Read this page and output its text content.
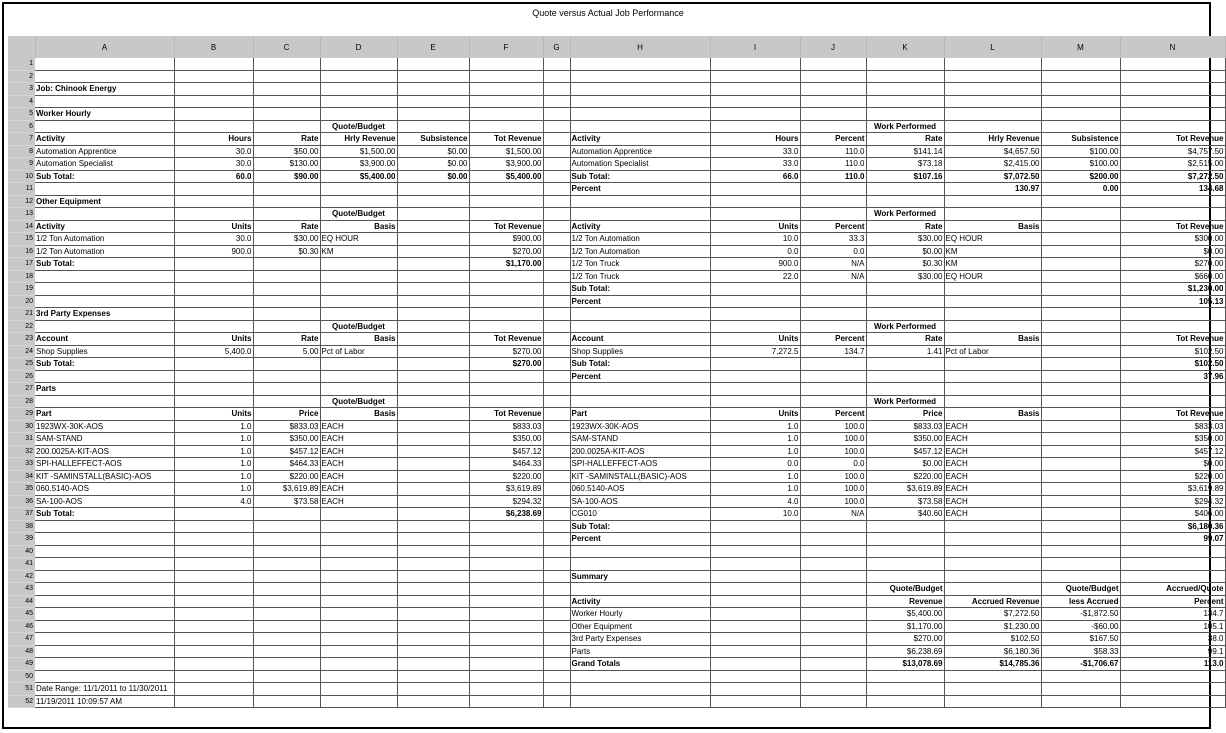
Quote versus Actual Job Performance
	A	B	C	D	E	F	G	H	I	J	K	L	M	N
1														
2														
3	Job: Chinook Energy													
4														
5	Worker Hourly													
6				Quote/Budget							Work Performed			
7	Activity	Hours	Rate	Hrly Revenue	Subsistence	Tot Revenue		Activity	Hours	Percent	Rate	Hrly Revenue	Subsistence	Tot Revenue
8	Automation Apprentice	30.0	$50.00	$1,500.00	$0.00	$1,500.00		Automation Apprentice	33.0	110.0	$141.14	$4,657.50	$100.00	$4,757.50
9	Automation Specialist	30.0	$130.00	$3,900.00	$0.00	$3,900.00		Automation Specialist	33.0	110.0	$73.18	$2,415.00	$100.00	$2,515.00
10	Sub Total:	60.0	$90.00	$5,400.00	$0.00	$5,400.00		Sub Total:	66.0	110.0	$107.16	$7,072.50	$200.00	$7,272.50
11								Percent				130.97	0.00	134.68
12	Other Equipment													
13				Quote/Budget							Work Performed			
14	Activity	Units	Rate	Basis		Tot Revenue		Activity	Units	Percent	Rate	Basis		Tot Revenue
15	1/2 Ton Automation	30.0	$30.00	EQ HOUR		$900.00		1/2 Ton Automation	10.0	33.3	$30.00	EQ HOUR		$300.00
16	1/2 Ton Automation	900.0	$0.30	KM		$270.00		1/2 Ton Automation	0.0	0.0	$0.00	KM		$0.00
17	Sub Total:					$1,170.00		1/2 Ton Truck	900.0	N/A	$0.30	KM		$270.00
18								1/2 Ton Truck	22.0	N/A	$30.00	EQ HOUR		$660.00
19								Sub Total:						$1,230.00
20								Percent						105.13
21	3rd Party Expenses													
22				Quote/Budget							Work Performed			
23	Account	Units	Rate	Basis		Tot Revenue		Account	Units	Percent	Rate	Basis		Tot Revenue
24	Shop Supplies	5,400.0	5.00	Pct of Labor		$270.00		Shop Supplies	7,272.5	134.7	1.41	Pct of Labor		$102.50
25	Sub Total:					$270.00		Sub Total:						$102.50
26								Percent						37.96
27	Parts													
28				Quote/Budget							Work Performed			
29	Part	Units	Price	Basis		Tot Revenue		Part	Units	Percent	Price	Basis		Tot Revenue
30	1923WX-30K-AOS	1.0	$833.03	EACH		$833.03		1923WX-30K-AOS	1.0	100.0	$833.03	EACH		$833.03
31	SAM-STAND	1.0	$350.00	EACH		$350.00		SAM-STAND	1.0	100.0	$350.00	EACH		$350.00
32	200.0025A-KIT-AOS	1.0	$457.12	EACH		$457.12		200.0025A-KIT-AOS	1.0	100.0	$457.12	EACH		$457.12
33	SPI-HALLEFFECT-AOS	1.0	$464.33	EACH		$464.33		SPI-HALLEFFECT-AOS	0.0	0.0	$0.00	EACH		$0.00
34	KIT -SAMINSTALL(BASIC)-AOS	1.0	$220.00	EACH		$220.00		KIT -SAMINSTALL(BASIC)-AOS	1.0	100.0	$220.00	EACH		$220.00
35	060.5140-AOS	1.0	$3,619.89	EACH		$3,619.89		060.5140-AOS	1.0	100.0	$3,619.89	EACH		$3,619.89
36	SA-100-AOS	4.0	$73.58	EACH		$294.32		SA-100-AOS	4.0	100.0	$73.58	EACH		$294.32
37	Sub Total:					$6,238.69		CG010	10.0	N/A	$40.60	EACH		$406.00
38								Sub Total:						$6,180.36
39								Percent						99.07
40														
41														
42								Summary						
43											Quote/Budget		Quote/Budget	Accrued/Quote
44								Activity			Revenue	Accrued Revenue	less Accrued	Percent
45								Worker Hourly			$5,400.00	$7,272.50	-$1,872.50	134.7
46								Other Equipment			$1,170.00	$1,230.00	-$60.00	105.1
47								3rd Party Expenses			$270.00	$102.50	$167.50	38.0
48								Parts			$6,238.69	$6,180.36	$58.33	99.1
49								Grand Totals			$13,078.69	$14,785.36	-$1,706.67	113.0
50														
51	Date Range: 11/1/2011 to 11/30/2011													
52	11/19/2011 10:09:57 AM													
